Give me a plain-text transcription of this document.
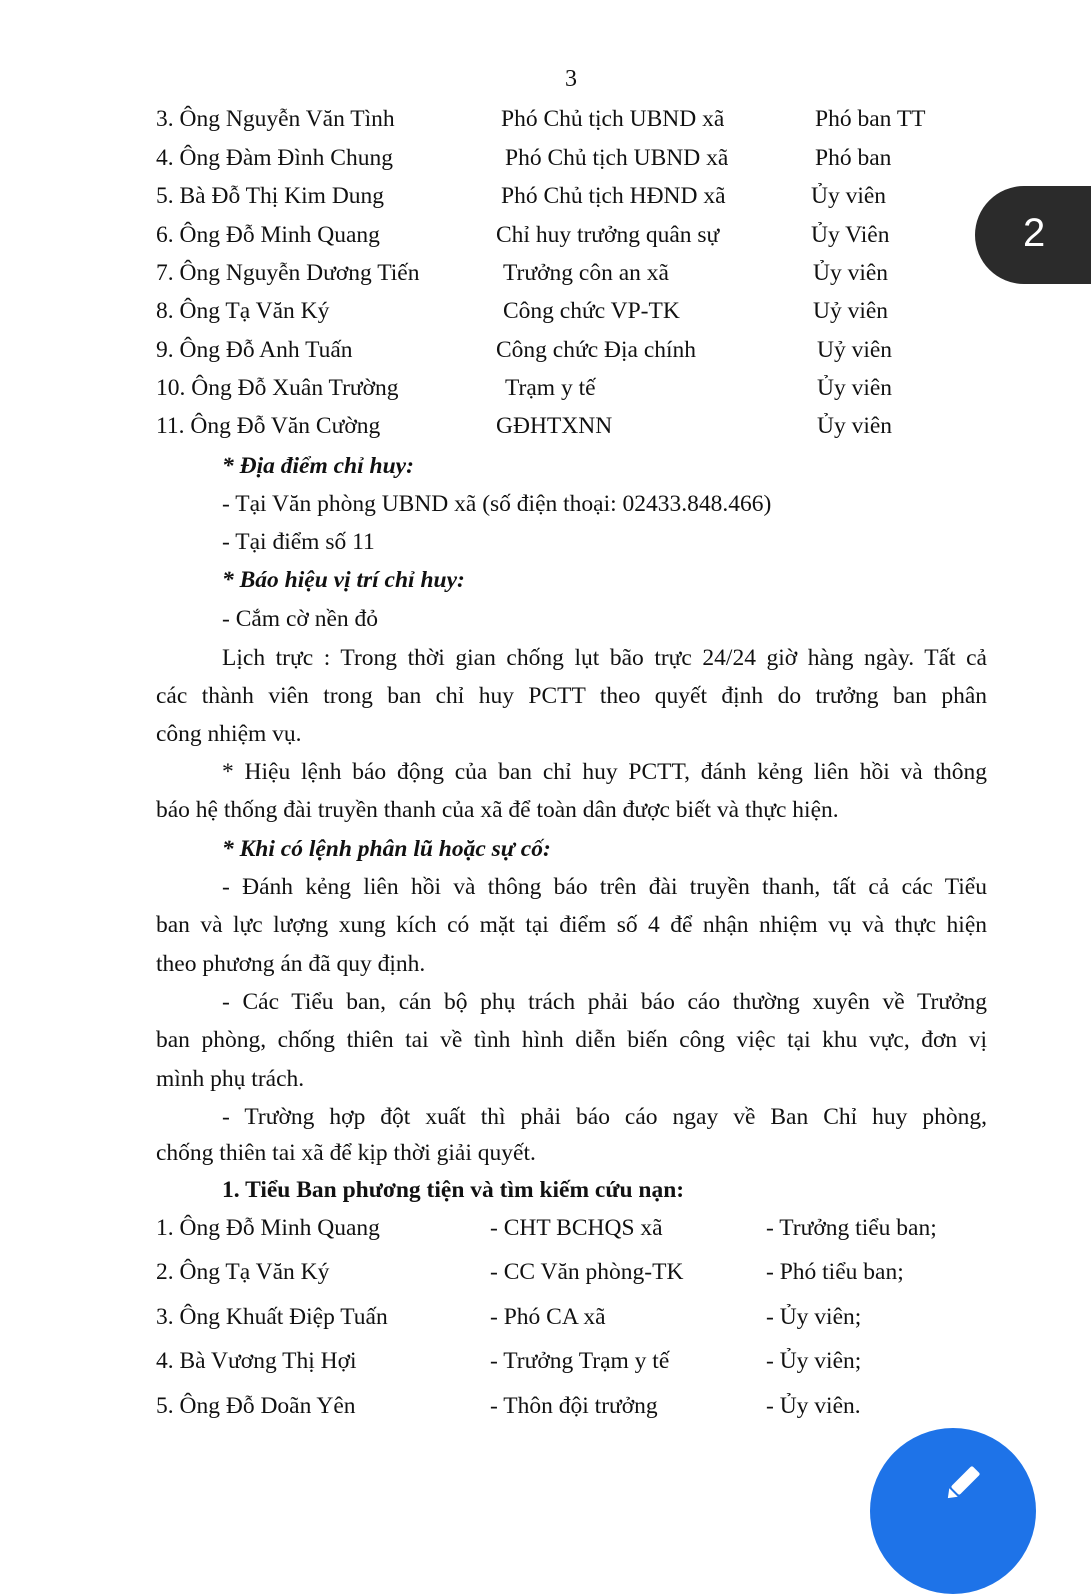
3
3. Ông Nguyễn Văn Tình	Phó Chủ tịch UBND xã	Phó ban TT
4. Ông Đàm Đình Chung	Phó Chủ tịch UBND xã	Phó ban
5. Bà Đỗ Thị Kim Dung	Phó Chủ tịch HĐND xã	Ủy viên
6. Ông Đỗ Minh Quang	Chỉ huy trưởng quân sự	Ủy Viên
7. Ông Nguyễn Dương Tiến	Trưởng côn an xã	Ủy viên
8. Ông Tạ Văn Ký	Công chức VP-TK	Uỷ viên
9. Ông Đỗ Anh Tuấn	Công chức Địa chính	Uỷ viên
10. Ông Đỗ Xuân Trường	Trạm y tế	Ủy viên
11. Ông Đỗ Văn Cường	GĐHTXNN	Ủy viên
* Địa điểm chỉ huy:
- Tại Văn phòng UBND xã (số điện thoại: 02433.848.466)
- Tại điểm số 11
* Báo hiệu vị trí chỉ huy:
- Cắm cờ nền đỏ
Lịch trực : Trong thời gian chống lụt bão trực 24/24 giờ hàng ngày. Tất cả
các thành viên trong ban chỉ huy PCTT theo quyết định do trưởng ban phân
công nhiệm vụ.
* Hiệu lệnh báo động của ban chỉ huy PCTT, đánh kẻng liên hồi và thông
báo hệ thống đài truyền thanh của xã để toàn dân được biết và thực hiện.
* Khi có lệnh phân lũ hoặc sự cố:
- Đánh kẻng liên hồi và thông báo trên đài truyền thanh, tất cả các Tiểu
ban và lực lượng xung kích có mặt tại điểm số 4 để nhận nhiệm vụ và thực hiện
theo phương án đã quy định.
- Các Tiểu ban, cán bộ phụ trách phải báo cáo thường xuyên về Trưởng
ban phòng, chống thiên tai về tình hình diễn biến công việc tại khu vực, đơn vị
mình phụ trách.
- Trường hợp đột xuất thì phải báo cáo ngay về Ban Chỉ huy phòng,
chống thiên tai xã để kịp thời giải quyết.
1. Tiểu Ban phương tiện và tìm kiếm cứu nạn:
1. Ông Đỗ Minh Quang	- CHT BCHQS xã	- Trưởng tiểu ban;
2. Ông Tạ Văn Ký	- CC Văn phòng-TK	- Phó tiểu ban;
3. Ông Khuất Điệp Tuấn	- Phó CA xã	- Ủy viên;
4. Bà Vương Thị Hợi	- Trưởng Trạm y tế	- Ủy viên;
5. Ông Đỗ Doãn Yên	- Thôn đội trưởng	- Ủy viên.
2
